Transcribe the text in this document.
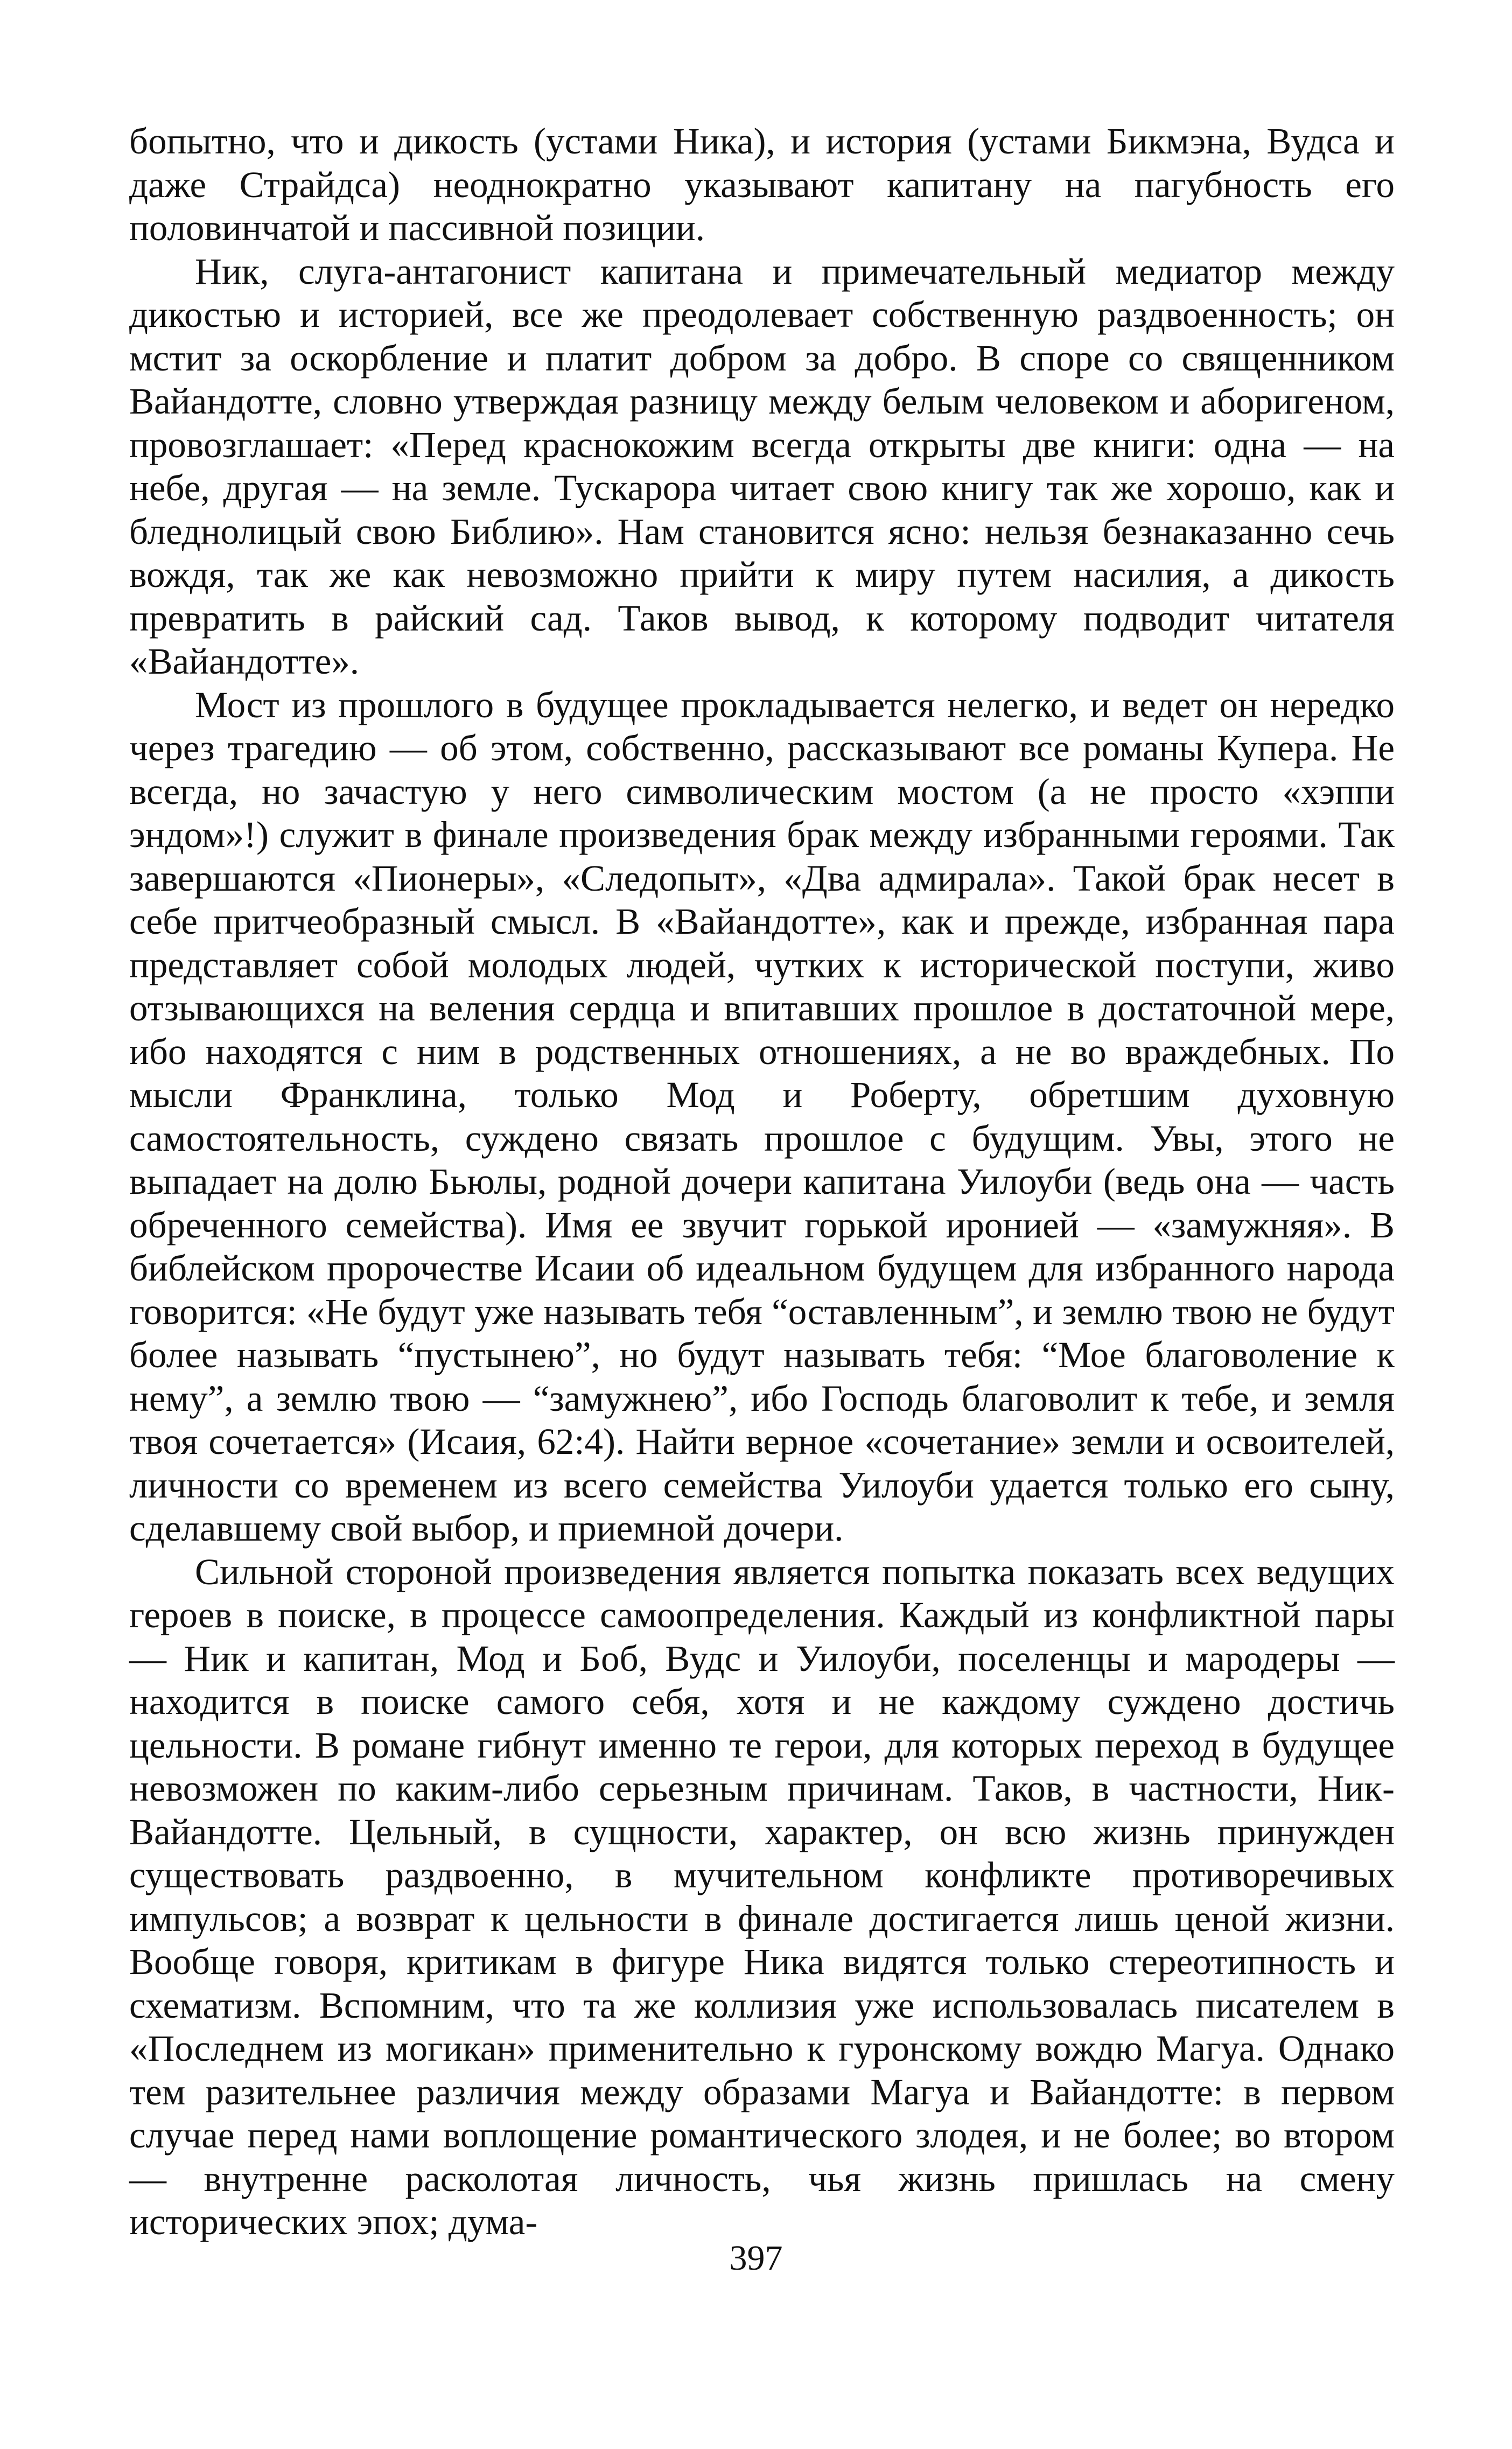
бопытно, что и дикость (устами Ника), и история (устами Бикмэна, Вудса и даже Страйдса) неоднократно указывают капитану на пагубность его половинчатой и пассивной позиции.

Ник, слуга-антагонист капитана и примечательный медиатор между дикостью и историей, все же преодолевает собственную раздвоенность; он мстит за оскорбление и платит добром за добро. В споре со священником Вайандотте, словно утверждая разницу между белым человеком и аборигеном, провозглашает: «Перед краснокожим всегда открыты две книги: одна — на небе, другая — на земле. Тускарора читает свою книгу так же хорошо, как и бледнолицый свою Библию». Нам становится ясно: нельзя безнаказанно сечь вождя, так же как невозможно прийти к миру путем насилия, а дикость превратить в райский сад. Таков вывод, к которому подводит читателя «Вайандотте».

Мост из прошлого в будущее прокладывается нелегко, и ведет он нередко через трагедию — об этом, собственно, рассказывают все романы Купера. Не всегда, но зачастую у него символическим мостом (а не просто «хэппи эндом»!) служит в финале произведения брак между избранными героями. Так завершаются «Пионеры», «Следопыт», «Два адмирала». Такой брак несет в себе притчеобразный смысл. В «Вайандотте», как и прежде, избранная пара представляет собой молодых людей, чутких к исторической поступи, живо отзывающихся на веления сердца и впитавших прошлое в достаточной мере, ибо находятся с ним в родственных отношениях, а не во враждебных. По мысли Франклина, только Мод и Роберту, обретшим духовную самостоятельность, суждено связать прошлое с будущим. Увы, этого не выпадает на долю Бьюлы, родной дочери капитана Уилоуби (ведь она — часть обреченного семейства). Имя ее звучит горькой иронией — «замужняя». В библейском пророчестве Исаии об идеальном будущем для избранного народа говорится: «Не будут уже называть тебя “оставленным”, и землю твою не будут более называть “пустынею”, но будут называть тебя: “Мое благоволение к нему”, а землю твою — “замужнею”, ибо Господь благоволит к тебе, и земля твоя сочетается» (Исаия, 62:4). Найти верное «сочетание» земли и освоителей, личности со временем из всего семейства Уилоуби удается только его сыну, сделавшему свой выбор, и приемной дочери.

Сильной стороной произведения является попытка показать всех ведущих героев в поиске, в процессе самоопределения. Каждый из конфликтной пары — Ник и капитан, Мод и Боб, Вудс и Уилоуби, поселенцы и мародеры — находится в поиске самого себя, хотя и не каждому суждено достичь цельности. В романе гибнут именно те герои, для которых переход в будущее невозможен по каким-либо серьезным причинам. Таков, в частности, Ник-Вайандотте. Цельный, в сущности, характер, он всю жизнь принужден существовать раздвоенно, в мучительном конфликте противоречивых импульсов; а возврат к цельности в финале достигается лишь ценой жизни. Вообще говоря, критикам в фигуре Ника видятся только стереотипность и схематизм. Вспомним, что та же коллизия уже использовалась писателем в «Последнем из могикан» применительно к гуронскому вождю Магуа. Однако тем разительнее различия между образами Магуа и Вайандотте: в первом случае перед нами воплощение романтического злодея, и не более; во втором — внутренне расколотая личность, чья жизнь пришлась на смену исторических эпох; дума-

397
